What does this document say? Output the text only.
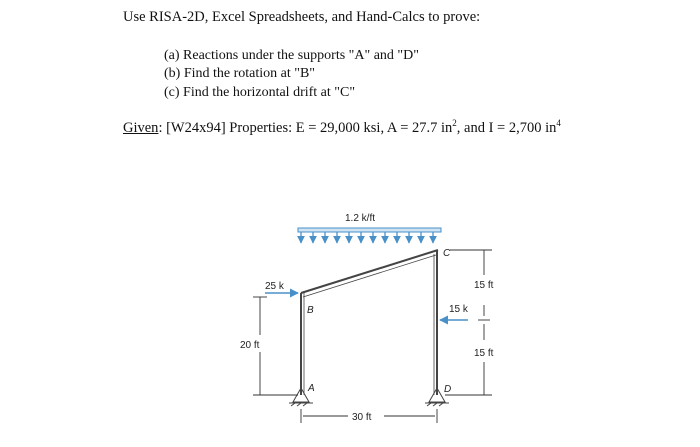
Use RISA-2D, Excel Spreadsheets, and Hand-Calcs to prove:
(a) Reactions under the supports "A" and "D"
(b) Find the rotation at "B"
(c) Find the horizontal drift at "C"
Given: [W24x94] Properties: E = 29,000 ksi, A = 27.7 $in^2$, and I = 2,700 $in^4$
1.2 k/ft
25 k
15 k
A
B
C
D
20 ft
15 ft
15 ft
30 ft
